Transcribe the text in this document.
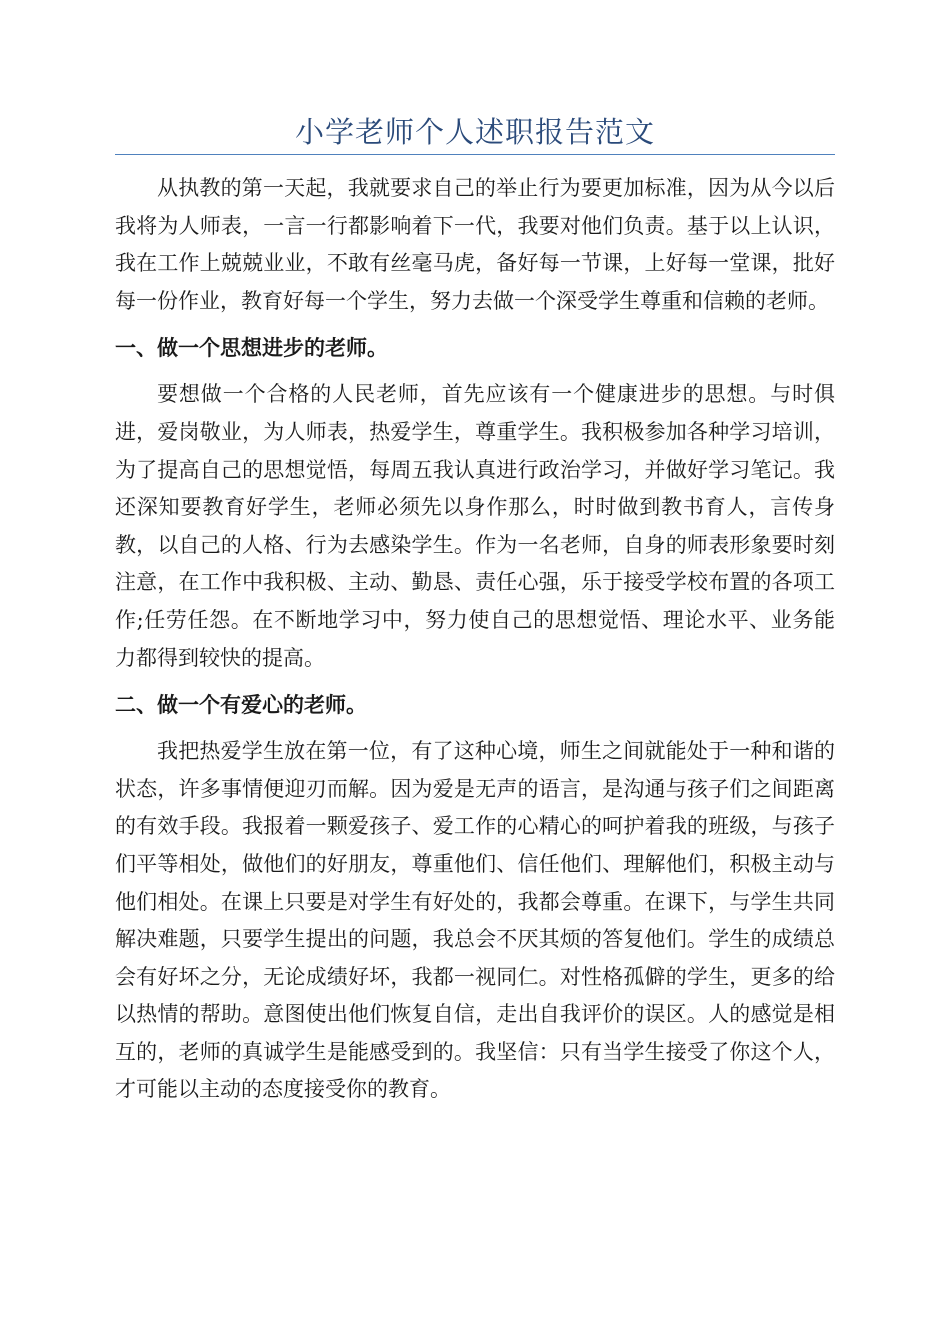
小学老师个人述职报告范文

从执教的第一天起，我就要求自己的举止行为要更加标准，因为从今以后我将为人师表，一言一行都影响着下一代，我要对他们负责。基于以上认识，我在工作上兢兢业业，不敢有丝毫马虎，备好每一节课，上好每一堂课，批好每一份作业，教育好每一个学生，努力去做一个深受学生尊重和信赖的老师。

一、做一个思想进步的老师。

要想做一个合格的人民老师，首先应该有一个健康进步的思想。与时俱进，爱岗敬业，为人师表，热爱学生，尊重学生。我积极参加各种学习培训，为了提高自己的思想觉悟，每周五我认真进行政治学习，并做好学习笔记。我还深知要教育好学生，老师必须先以身作那么，时时做到教书育人，言传身教，以自己的人格、行为去感染学生。作为一名老师，自身的师表形象要时刻注意，在工作中我积极、主动、勤恳、责任心强，乐于接受学校布置的各项工作;任劳任怨。在不断地学习中，努力使自己的思想觉悟、理论水平、业务能力都得到较快的提高。

二、做一个有爱心的老师。

我把热爱学生放在第一位，有了这种心境，师生之间就能处于一种和谐的状态，许多事情便迎刃而解。因为爱是无声的语言，是沟通与孩子们之间距离的有效手段。我报着一颗爱孩子、爱工作的心精心的呵护着我的班级，与孩子们平等相处，做他们的好朋友，尊重他们、信任他们、理解他们，积极主动与他们相处。在课上只要是对学生有好处的，我都会尊重。在课下，与学生共同解决难题，只要学生提出的问题，我总会不厌其烦的答复他们。学生的成绩总会有好坏之分，无论成绩好坏，我都一视同仁。对性格孤僻的学生，更多的给以热情的帮助。意图使出他们恢复自信，走出自我评价的误区。人的感觉是相互的，老师的真诚学生是能感受到的。我坚信：只有当学生接受了你这个人，才可能以主动的态度接受你的教育。
